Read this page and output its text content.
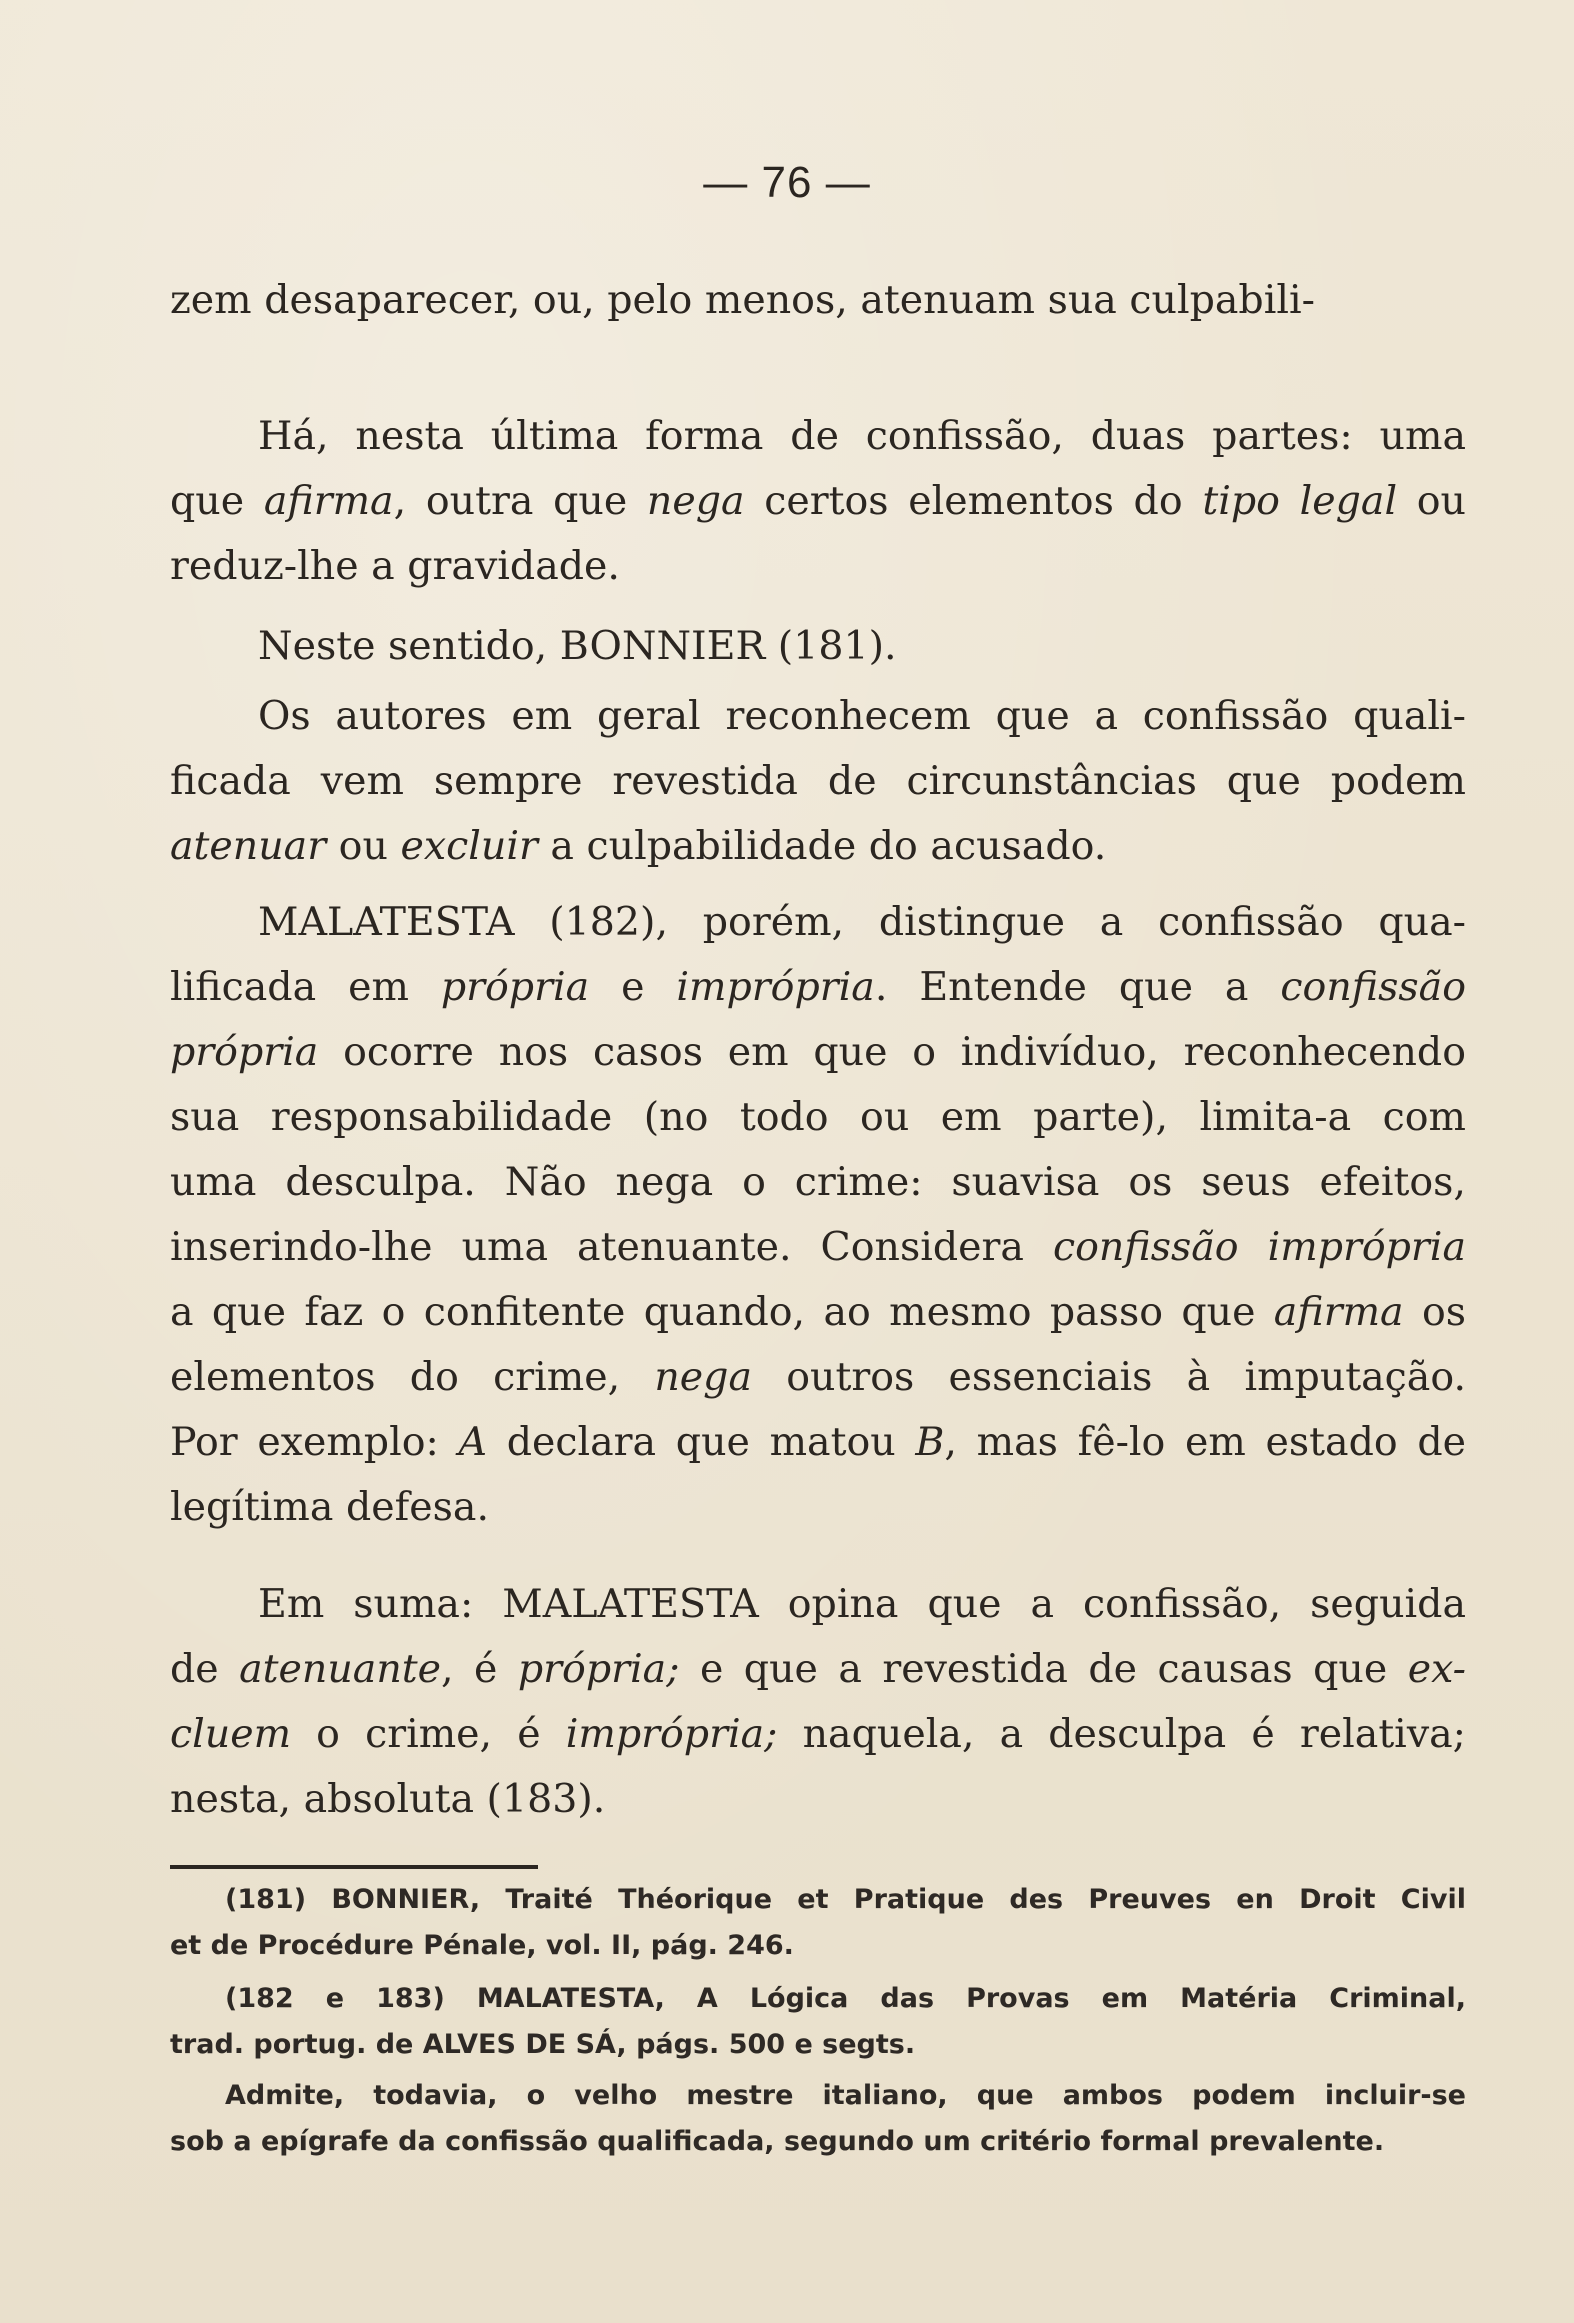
— 76 —
zem desaparecer, ou, pelo menos, atenuam sua culpabili-
Há, nesta última forma de confissão, duas partes: uma
que afirma, outra que nega certos elementos do tipo legal ou
reduz-lhe a gravidade.
Neste sentido, BONNIER (181).
Os autores em geral reconhecem que a confissão quali-
ficada vem sempre revestida de circunstâncias que podem
atenuar ou excluir a culpabilidade do acusado.
MALATESTA (182), porém, distingue a confissão qua-
lificada em própria e imprópria. Entende que a confissão
própria ocorre nos casos em que o indivíduo, reconhecendo
sua responsabilidade (no todo ou em parte), limita-a com
uma desculpa. Não nega o crime: suavisa os seus efeitos,
inserindo-lhe uma atenuante. Considera confissão imprópria
a que faz o confitente quando, ao mesmo passo que afirma os
elementos do crime, nega outros essenciais à imputação.
Por exemplo: A declara que matou B, mas fê-lo em estado de
legítima defesa.
Em suma: MALATESTA opina que a confissão, seguida
de atenuante, é própria; e que a revestida de causas que ex-
cluem o crime, é imprópria; naquela, a desculpa é relativa;
nesta, absoluta (183).
(181) BONNIER, Traité Théorique et Pratique des Preuves en Droit Civil
et de Procédure Pénale, vol. II, pág. 246.
(182 e 183) MALATESTA, A Lógica das Provas em Matéria Criminal,
trad. portug. de ALVES DE SÁ, págs. 500 e segts.
Admite, todavia, o velho mestre italiano, que ambos podem incluir-se
sob a epígrafe da confissão qualificada, segundo um critério formal prevalente.
